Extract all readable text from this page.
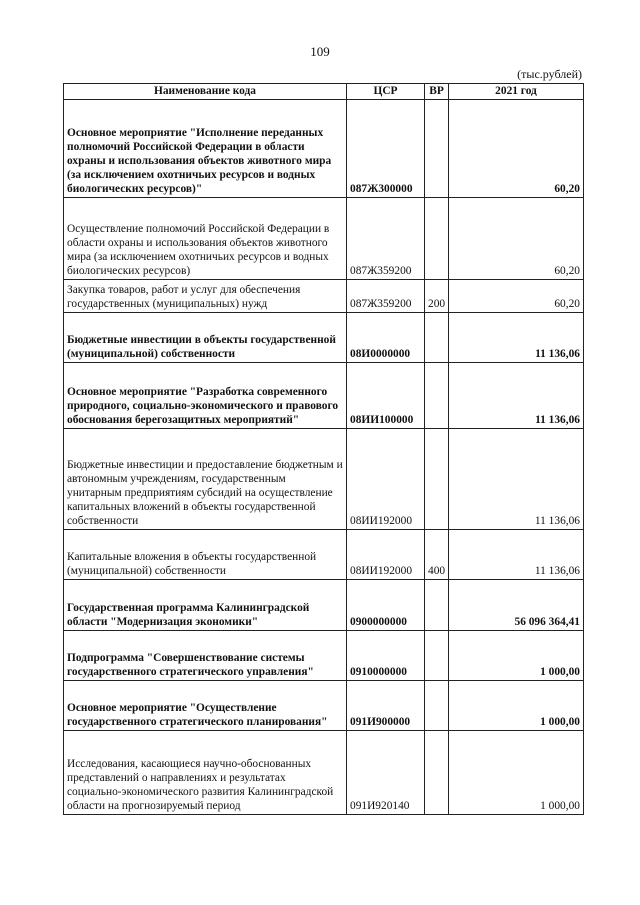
109
(тыс.рублей)
Наименование кода	ЦСР	ВР	2021 год
Основное мероприятие "Исполнение переданных полномочий Российской Федерации в области охраны и использования объектов животного мира (за исключением охотничьих ресурсов и водных биологических ресурсов)"	087Ж300000		60,20
Осуществление полномочий Российской Федерации в области охраны и использования объектов животного мира (за исключением охотничьих ресурсов и водных биологических ресурсов)	087Ж359200		60,20
Закупка товаров, работ и услуг для обеспечения государственных (муниципальных) нужд	087Ж359200	200	60,20
Бюджетные инвестиции в объекты государственной (муниципальной) собственности	08И0000000		11 136,06
Основное мероприятие "Разработка современного природного, социально-экономического и правового обоснования берегозащитных мероприятий"	08ИИ100000		11 136,06
Бюджетные инвестиции и предоставление бюджетным и автономным учреждениям, государственным унитарным предприятиям субсидий на осуществление капитальных вложений в объекты государственной собственности	08ИИ192000		11 136,06
Капитальные вложения в объекты государственной (муниципальной) собственности	08ИИ192000	400	11 136,06
Государственная программа Калининградской области "Модернизация экономики"	0900000000		56 096 364,41
Подпрограмма "Совершенствование системы государственного стратегического управления"	0910000000		1 000,00
Основное мероприятие "Осуществление государственного стратегического планирования"	091И900000		1 000,00
Исследования, касающиеся научно-обоснованных представлений о направлениях и результатах социально-экономического развития Калининградской области на прогнозируемый период	091И920140		1 000,00
